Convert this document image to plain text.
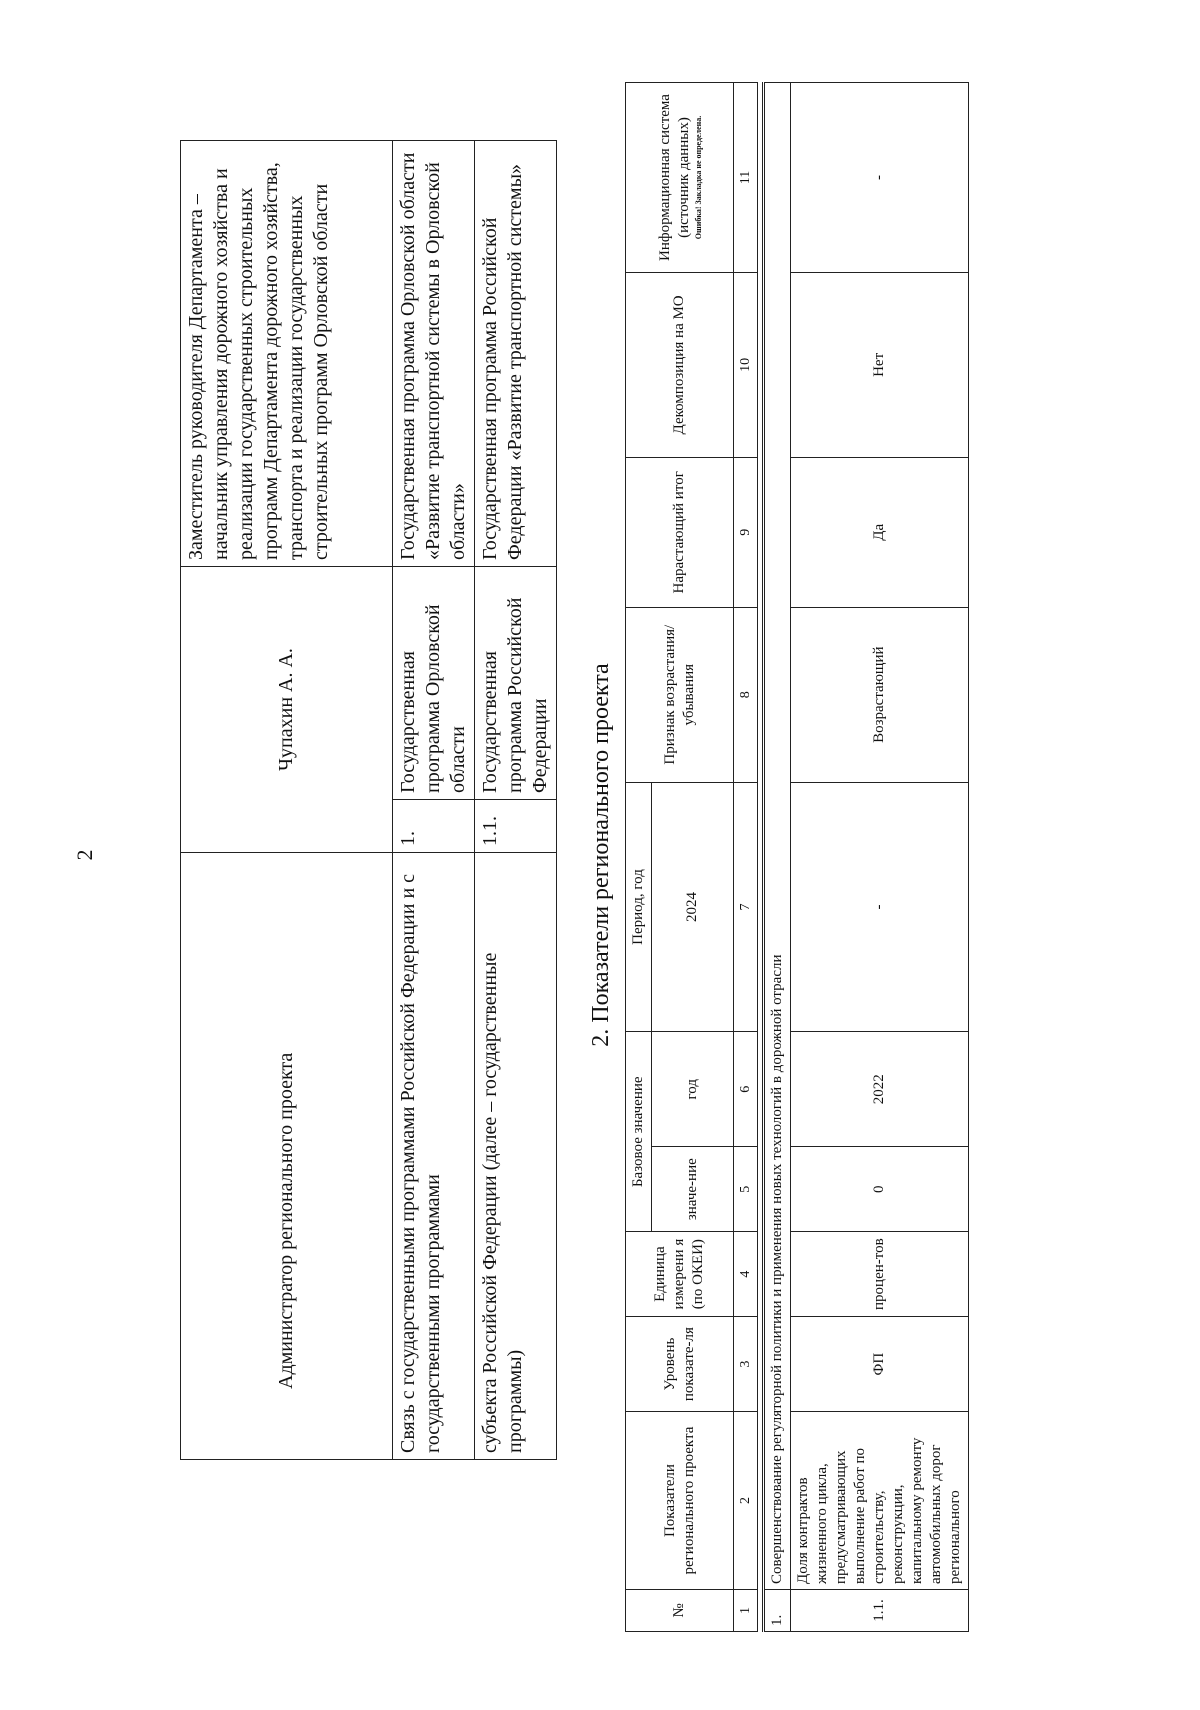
2
Администратор регионального проекта	Чупахин А. А.		Заместитель руководителя Департамента – начальник управления дорожного хозяйства и реализации государственных строительных программ Департамента дорожного хозяйства, транспорта и реализации государственных строительных программ Орловской области
Связь с государственными программами Российской Федерации и с государственными программами	1.	Государственная программа Орловской области	Государственная программа Орловской области «Развитие транспортной системы в Орловской области»
субъекта Российской Федерации (далее – государственные программы)	1.1.	Государственная программа Российской Федерации	Государственная программа Российской Федерации «Развитие транспортной системы»
2. Показатели регионального проекта
№	Показатели регионального проекта	Уровень показате-ля	Единица измерени я (по ОКЕИ)	Базовое значение		Период, год	Признак возрастания/ убывания	Нарастающий итог	Декомпозиция на МО	Информационная система (источник данных) Ошибка! Закладка не определена.

				значе-ние	год	2024				
1	2	3	4	5	6	7	8	9	10	11

1.	Совершенствование регуляторной политики и применения новых технологий в дорожной отрасли									
1.1.	Доля контрактов жизненного цикла, предусматривающих выполнение работ по строительству, реконструкции, капитальному ремонту автомобильных дорог регионального	ФП	процен-тов	0	2022	-	Возрастающий	Да	Нет	-
